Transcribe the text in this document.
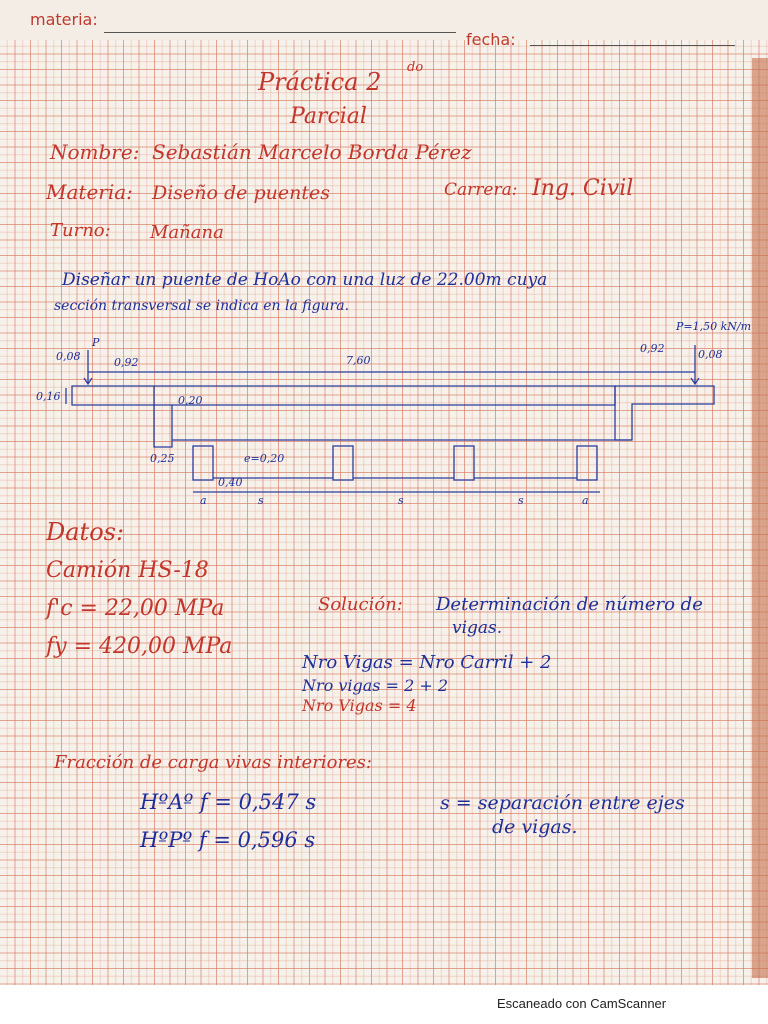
materia:
fecha:
Práctica 2
do
Parcial
Nombre: Sebastián Marcelo Borda Pérez
Materia: Diseño de puentes	Carrera: Ing. Civil
Turno: Mañana
Diseñar un puente de HoAo con una luz de 22.00m cuya
sección transversal se indica en la figura.
P
P=1,50 kN/m
0,08	0,92	7,60
0,92	0,08
0,16	0,20
0,25	e=0,20
0,40
a	s	s	s	a
Datos:
Camión HS-18
f'c = 22,00 MPa
fy = 420,00 MPa
Solución: Determinación de número de
vigas.
Nro Vigas = Nro Carril + 2
Nro vigas = 2 + 2
Nro Vigas = 4
Fracción de carga vivas interiores:
HºAº f = 0,547 s
HºPº f = 0,596 s
s = separación entre ejes
de vigas.
Escaneado con CamScanner
